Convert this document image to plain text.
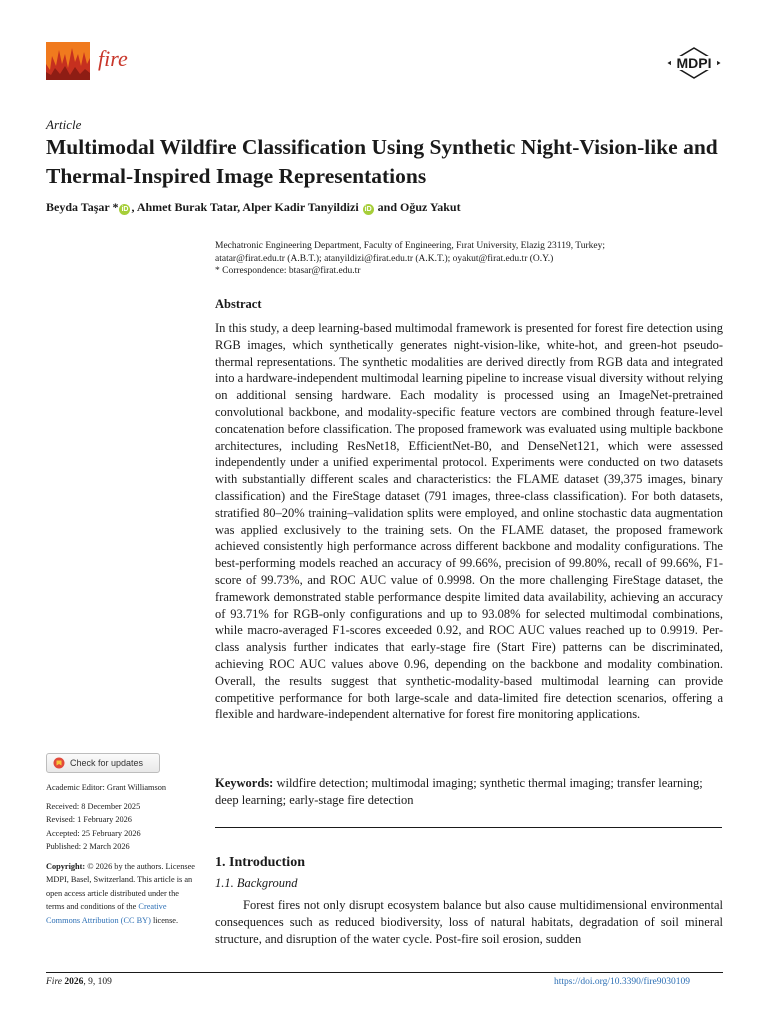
fire	MDPI
Article
Multimodal Wildfire Classification Using Synthetic Night-Vision-like and Thermal-Inspired Image Representations
Beyda Taşar * iD , Ahmet Burak Tatar, Alper Kadir Tanyildizi iD and Oğuz Yakut
Mechatronic Engineering Department, Faculty of Engineering, Fırat University, Elazig 23119, Turkey;
atatar@firat.edu.tr (A.B.T.); atanyildizi@firat.edu.tr (A.K.T.); oyakut@firat.edu.tr (O.Y.)
* Correspondence: btasar@firat.edu.tr
Abstract

In this study, a deep learning-based multimodal framework is presented for forest fire detection using RGB images, which synthetically generates night-vision-like, white-hot, and green-hot pseudo-thermal representations. The synthetic modalities are derived directly from RGB data and integrated into a hardware-independent multimodal learning pipeline to increase visual diversity without relying on additional sensing hardware. Each modality is processed using an ImageNet-pretrained convolutional backbone, and modality-specific feature vectors are combined through feature-level concatenation before classification. The proposed framework was evaluated using multiple backbone architectures, including ResNet18, EfficientNet-B0, and DenseNet121, which were assessed independently under a unified experimental protocol. Experiments were conducted on two datasets with substantially different scales and characteristics: the FLAME dataset (39,375 images, binary classification) and the FireStage dataset (791 images, three-class classification). For both datasets, stratified 80–20% training–validation splits were employed, and online stochastic data augmentation was applied exclusively to the training sets. On the FLAME dataset, the proposed framework achieved consistently high performance across different backbone and modality configurations. The best-performing models reached an accuracy of 99.66%, precision of 99.80%, recall of 99.66%, F1-score of 99.73%, and ROC AUC value of 0.9998. On the more challenging FireStage dataset, the framework demonstrated stable performance despite limited data availability, achieving an accuracy of 93.71% for RGB-only configurations and up to 93.08% for selected multimodal combinations, while macro-averaged F1-scores exceeded 0.92, and ROC AUC values reached up to 0.9919. Per-class analysis further indicates that early-stage fire (Start Fire) patterns can be discriminated, achieving ROC AUC values above 0.96, depending on the backbone and modality combination. Overall, the results suggest that synthetic-modality-based multimodal learning can provide competitive performance for both large-scale and data-limited fire detection scenarios, offering a flexible and hardware-independent alternative for forest fire monitoring applications.

Keywords: wildfire detection; multimodal imaging; synthetic thermal imaging; transfer learning; deep learning; early-stage fire detection

1. Introduction
1.1. Background

Forest fires not only disrupt ecosystem balance but also cause multidimensional environmental consequences such as reduced biodiversity, loss of natural habitats, degradation of soil mineral structure, and disruption of the water cycle. Post-fire soil erosion, sudden

Check for updates
Academic Editor: Grant Williamson
Received: 8 December 2025
Revised: 1 February 2026
Accepted: 25 February 2026
Published: 2 March 2026
Copyright: © 2026 by the authors. Licensee MDPI, Basel, Switzerland. This article is an open access article distributed under the terms and conditions of the Creative Commons Attribution (CC BY) license.
Fire 2026, 9, 109	https://doi.org/10.3390/fire9030109
